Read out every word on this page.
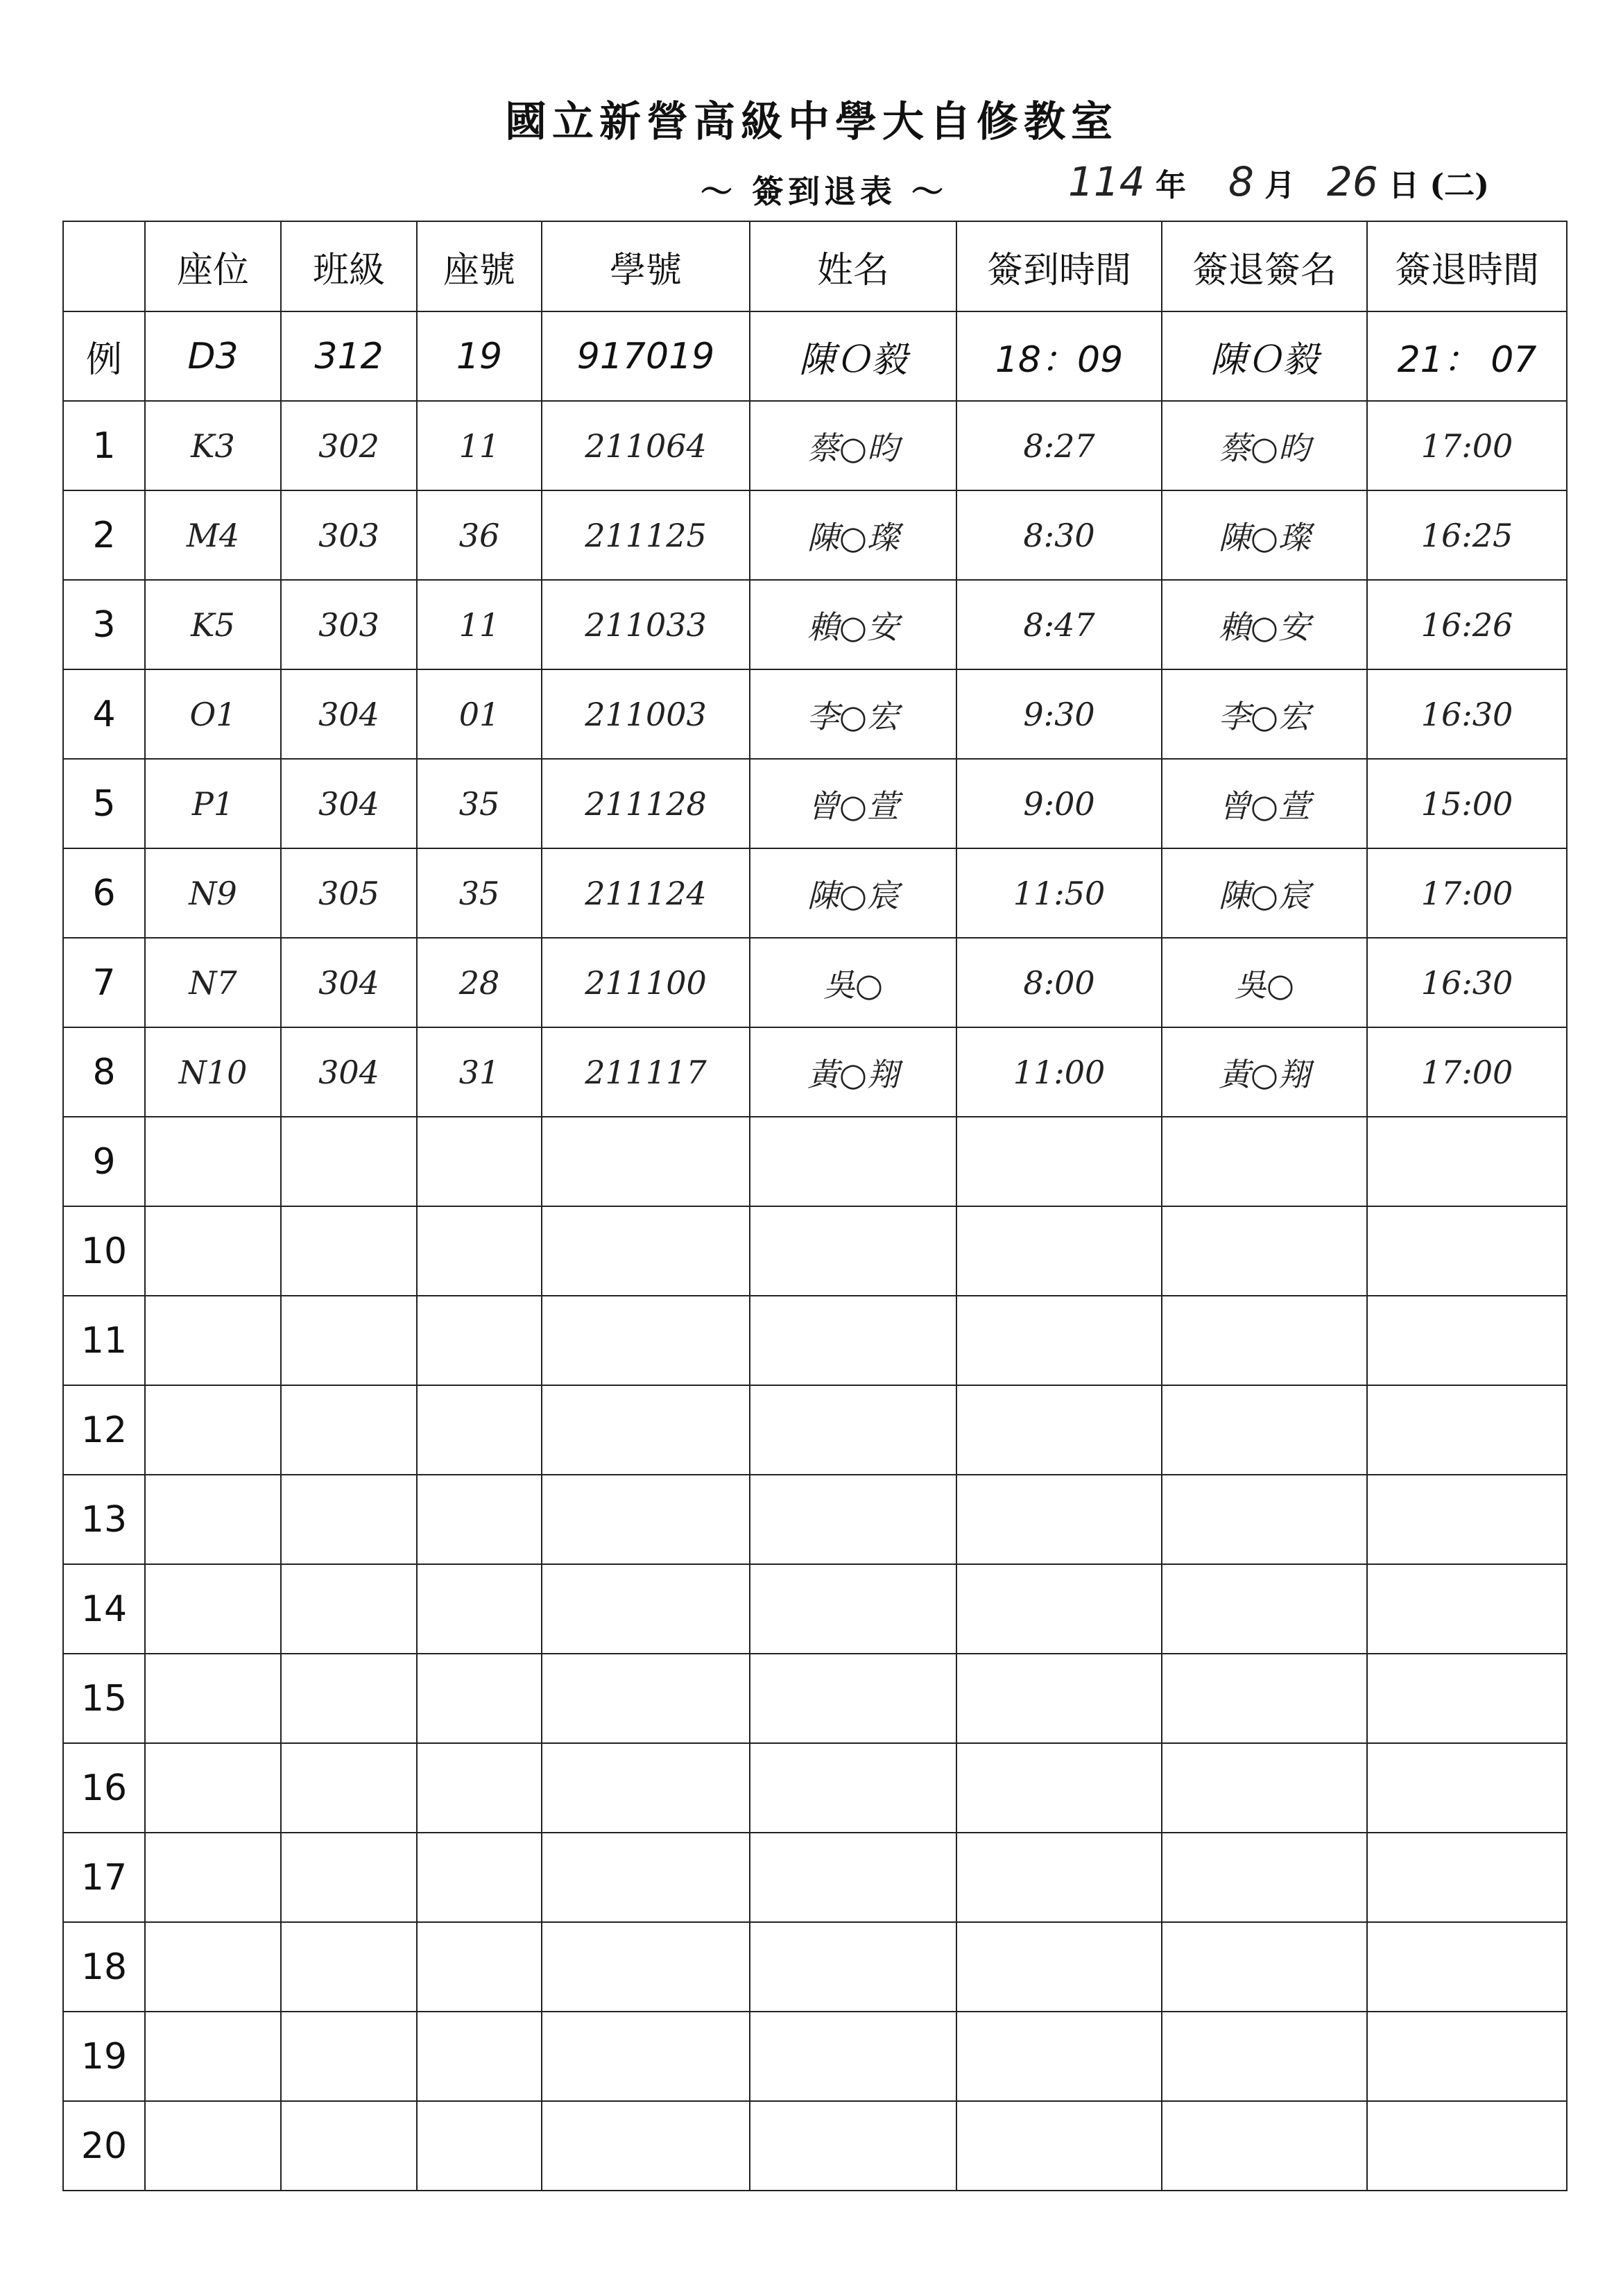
國立新營高級中學大自修教室
～ 簽到退表 ～	114 年 8 月 26 日 (二)
	座位	班級	座號	學號	姓名	簽到時間	簽退簽名	簽退時間
例	D3	312	19	917019	陳Ｏ毅	18：09	陳Ｏ毅	21： 07
1	K3	302	11	211064	蔡○昀	8:27	蔡○昀	17:00
2	M4	303	36	211125	陳○璨	8:30	陳○璨	16:25
3	K5	303	11	211033	賴○安	8:47	賴○安	16:26
4	O1	304	01	211003	李○宏	9:30	李○宏	16:30
5	P1	304	35	211128	曾○萱	9:00	曾○萱	15:00
6	N9	305	35	211124	陳○宸	11:50	陳○宸	17:00
7	N7	304	28	211100	吳○	8:00	吳○	16:30
8	N10	304	31	211117	黃○翔	11:00	黃○翔	17:00
9								
10								
11								
12								
13								
14								
15								
16								
17								
18								
19								
20								
